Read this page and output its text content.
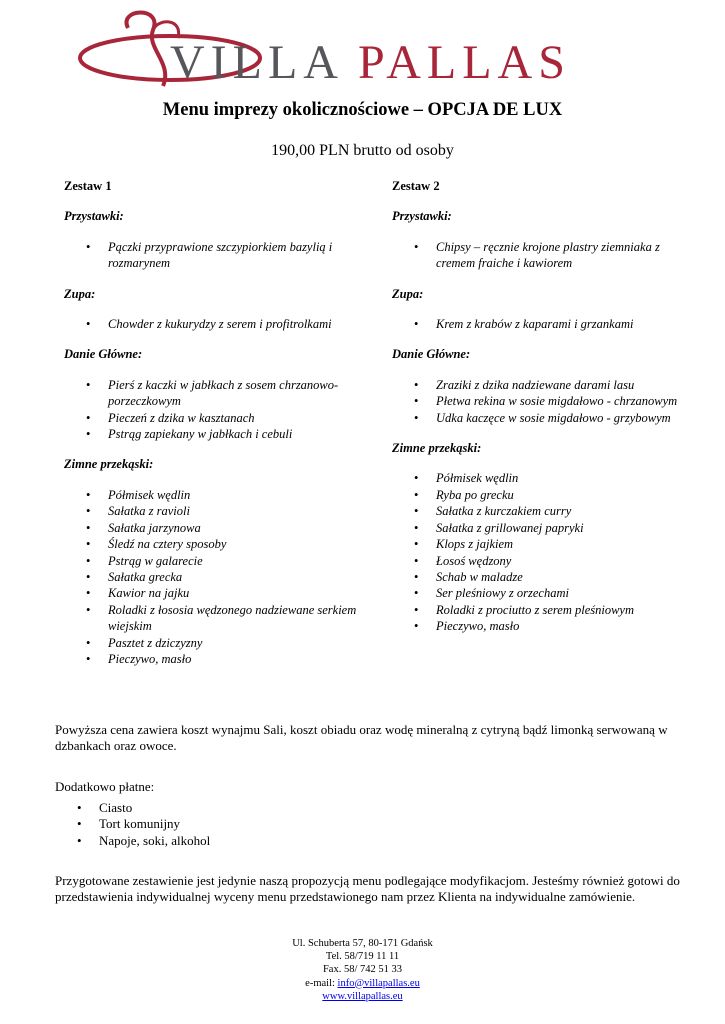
VILLA PALLAS
Menu imprezy okolicznościowe – OPCJA DE LUX
190,00 PLN brutto od osoby
Zestaw 1
Przystawki:
• Pączki przyprawione szczypiorkiem bazylią i rozmarynem
Zupa:
• Chowder z kukurydzy z serem i profitrolkami
Danie Główne:
• Pierś z kaczki w jabłkach z sosem chrzanowo-porzeczkowym
• Pieczeń z dzika w kasztanach
• Pstrąg zapiekany w jabłkach i cebuli
Zimne przekąski:
• Półmisek wędlin
• Sałatka z ravioli
• Sałatka jarzynowa
• Śledź na cztery sposoby
• Pstrąg w galarecie
• Sałatka grecka
• Kawior na jajku
• Roladki z łososia wędzonego nadziewane serkiem wiejskim
• Pasztet z dziczyzny
• Pieczywo, masło
Zestaw 2
Przystawki:
• Chipsy – ręcznie krojone plastry ziemniaka z cremem fraiche i kawiorem
Zupa:
• Krem z krabów z kaparami i grzankami
Danie Główne:
• Zraziki z dzika nadziewane darami lasu
• Płetwa rekina w sosie migdałowo - chrzanowym
• Udka kaczęce w sosie migdałowo - grzybowym
Zimne przekąski:
• Półmisek wędlin
• Ryba po grecku
• Sałatka z kurczakiem curry
• Sałatka z grillowanej papryki
• Klops z jajkiem
• Łosoś wędzony
• Schab w maladze
• Ser pleśniowy z orzechami
• Roladki z prociutto z serem pleśniowym
• Pieczywo, masło
Powyższa cena zawiera koszt wynajmu Sali, koszt obiadu oraz wodę mineralną z cytryną bądź limonką serwowaną w dzbankach oraz owoce.
Dodatkowo płatne:
• Ciasto
• Tort komunijny
• Napoje, soki, alkohol
Przygotowane zestawienie jest jedynie naszą propozycją menu podlegające modyfikacjom. Jesteśmy również gotowi do przedstawienia indywidualnej wyceny menu przedstawionego nam przez Klienta na indywidualne zamówienie.
Ul. Schuberta 57, 80-171 Gdańsk
Tel. 58/719 11 11
Fax. 58/ 742 51 33
e-mail: info@villapallas.eu
www.villapallas.eu
